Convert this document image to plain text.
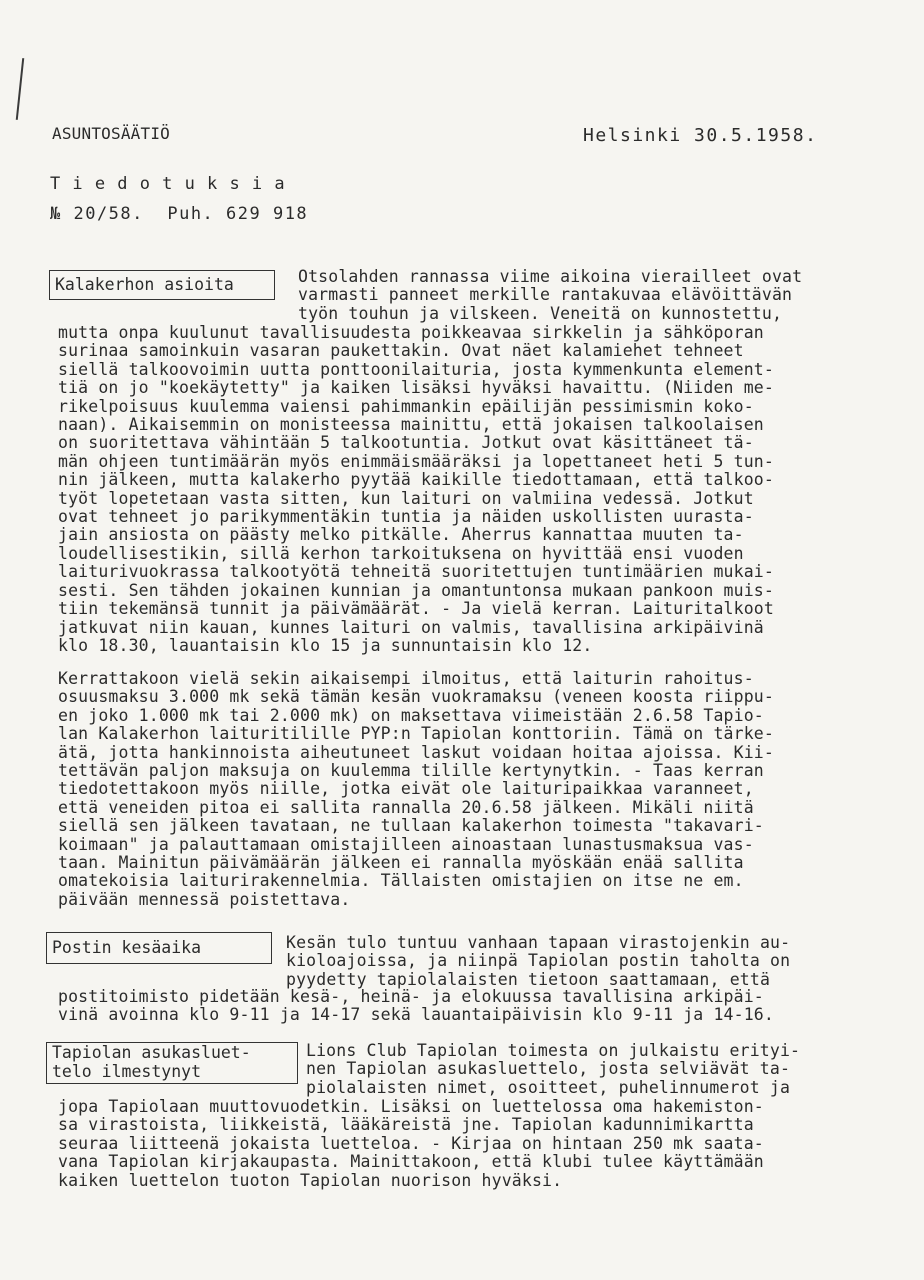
ASUNTOSÄÄTIÖ	Helsinki 30.5.1958.
Tiedotuksia
№ 20/58.  Puh. 629 918
Kalakerhon asioita	Otsolahden rannassa viime aikoina vierailleet ovat
varmasti panneet merkille rantakuvaa elävöittävän
työn touhun ja vilskeen. Veneitä on kunnostettu,
mutta onpa kuulunut tavallisuudesta poikkeavaa sirkkelin ja sähköporan
surinaa samoinkuin vasaran paukettakin. Ovat näet kalamiehet tehneet
siellä talkoovoimin uutta ponttoonilaituria, josta kymmenkunta element-
tiä on jo "koekäytetty" ja kaiken lisäksi hyväksi havaittu. (Niiden me-
rikelpoisuus kuulemma vaiensi pahimmankin epäilijän pessimismin koko-
naan). Aikaisemmin on monisteessa mainittu, että jokaisen talkoolaisen
on suoritettava vähintään 5 talkootuntia. Jotkut ovat käsittäneet tä-
män ohjeen tuntimäärän myös enimmäismääräksi ja lopettaneet heti 5 tun-
nin jälkeen, mutta kalakerho pyytää kaikille tiedottamaan, että talkoo-
työt lopetetaan vasta sitten, kun laituri on valmiina vedessä. Jotkut
ovat tehneet jo parikymmentäkin tuntia ja näiden uskollisten uurasta-
jain ansiosta on päästy melko pitkälle. Aherrus kannattaa muuten ta-
loudellisestikin, sillä kerhon tarkoituksena on hyvittää ensi vuoden
laiturivuokrassa talkootyötä tehneitä suoritettujen tuntimäärien mukai-
sesti. Sen tähden jokainen kunnian ja omantuntonsa mukaan pankoon muis-
tiin tekemänsä tunnit ja päivämäärät. - Ja vielä kerran. Laituritalkoot
jatkuvat niin kauan, kunnes laituri on valmis, tavallisina arkipäivinä
klo 18.30, lauantaisin klo 15 ja sunnuntaisin klo 12.
Kerrattakoon vielä sekin aikaisempi ilmoitus, että laiturin rahoitus-
osuusmaksu 3.000 mk sekä tämän kesän vuokramaksu (veneen koosta riippu-
en joko 1.000 mk tai 2.000 mk) on maksettava viimeistään 2.6.58 Tapio-
lan Kalakerhon laituritilille PYP:n Tapiolan konttoriin. Tämä on tärke-
ätä, jotta hankinnoista aiheutuneet laskut voidaan hoitaa ajoissa. Kii-
tettävän paljon maksuja on kuulemma tilille kertynytkin. - Taas kerran
tiedotettakoon myös niille, jotka eivät ole laituripaikkaa varanneet,
että veneiden pitoa ei sallita rannalla 20.6.58 jälkeen. Mikäli niitä
siellä sen jälkeen tavataan, ne tullaan kalakerhon toimesta "takavari-
koimaan" ja palauttamaan omistajilleen ainoastaan lunastusmaksua vas-
taan. Mainitun päivämäärän jälkeen ei rannalla myöskään enää sallita
omatekoisia laiturirakennelmia. Tällaisten omistajien on itse ne em.
päivään mennessä poistettava.
Postin kesäaika	Kesän tulo tuntuu vanhaan tapaan virastojenkin au-
kioloajoissa, ja niinpä Tapiolan postin taholta on
pyydetty tapiolalaisten tietoon saattamaan, että
postitoimisto pidetään kesä-, heinä- ja elokuussa tavallisina arkipäi-
vinä avoinna klo 9-11 ja 14-17 sekä lauantaipäivisin klo 9-11 ja 14-16.
Tapiolan asukasluet-
telo ilmestynyt
Lions Club Tapiolan toimesta on julkaistu erityi-
nen Tapiolan asukasluettelo, josta selviävät ta-
piolalaisten nimet, osoitteet, puhelinnumerot ja
jopa Tapiolaan muuttovuodetkin. Lisäksi on luettelossa oma hakemiston-
sa virastoista, liikkeistä, lääkäreistä jne. Tapiolan kadunnimikartta
seuraa liitteenä jokaista luetteloa. - Kirjaa on hintaan 250 mk saata-
vana Tapiolan kirjakaupasta. Mainittakoon, että klubi tulee käyttämään
kaiken luettelon tuoton Tapiolan nuorison hyväksi.
